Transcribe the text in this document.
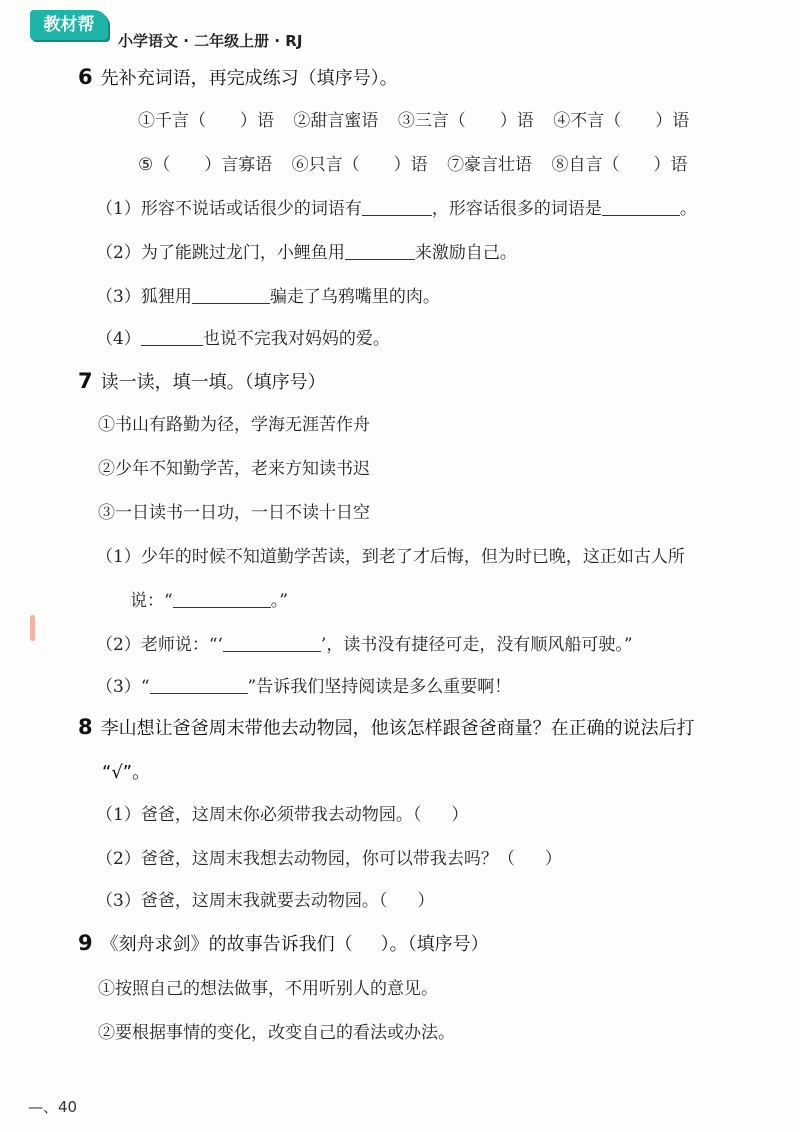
教材帮
小学语文 · 二年级上册 · RJ
6 先补充词语，再完成练习（填序号）。
①千言（ ）语 ②甜言蜜语 ③三言（ ）语 ④不言（ ）语
⑤（ ）言寡语 ⑥只言（ ）语 ⑦豪言壮语 ⑧自言（ ）语
（1）形容不说话或话很少的词语有	，形容话很多的词语是	。
（2）为了能跳过龙门，小鲤鱼用	来激励自己。
（3）狐狸用	骗走了乌鸦嘴里的肉。
（4）	也说不完我对妈妈的爱。
7 读一读，填一填。（填序号）
①书山有路勤为径，学海无涯苦作舟
②少年不知勤学苦，老来方知读书迟
③一日读书一日功，一日不读十日空
（1）少年的时候不知道勤学苦读，到老了才后悔，但为时已晚，这正如古人所
说：“	。”
（2）老师说：“‘	’，读书没有捷径可走，没有顺风船可驶。”
（3）“	”告诉我们坚持阅读是多么重要啊！
8 李山想让爸爸周末带他去动物园，他该怎样跟爸爸商量？在正确的说法后打
“√”。
（1）爸爸，这周末你必须带我去动物园。（ ）
（2）爸爸，这周末我想去动物园，你可以带我去吗？（ ）
（3）爸爸，这周末我就要去动物园。（ ）
9 《刻舟求剑》的故事告诉我们（ ）。（填序号）
①按照自己的想法做事，不用听别人的意见。
②要根据事情的变化，改变自己的看法或办法。
—、40
